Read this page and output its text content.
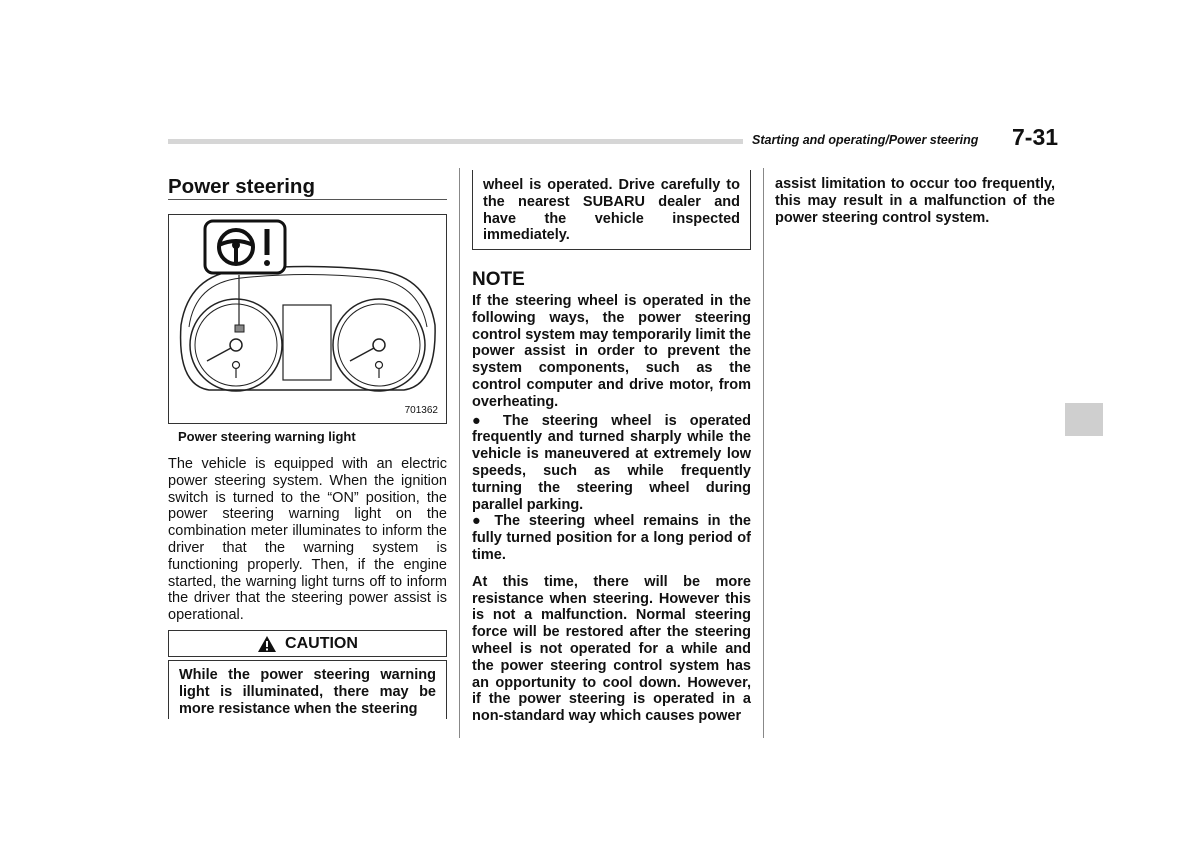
Starting and operating/Power steering 7-31
Power steering
701362
Power steering warning light

The vehicle is equipped with an electric power steering system. When the ignition switch is turned to the “ON” position, the power steering warning light on the combination meter illuminates to inform the driver that the warning system is functioning properly. Then, if the engine started, the warning light turns off to inform the driver that the steering power assist is operational.

CAUTION
While the power steering warning light is illuminated, there may be more resistance when the steering
wheel is operated. Drive carefully to the nearest SUBARU dealer and have the vehicle inspected immediately.
NOTE

If the steering wheel is operated in the following ways, the power steering control system may temporarily limit the power assist in order to prevent the system components, such as the control computer and drive motor, from overheating.

● The steering wheel is operated frequently and turned sharply while the vehicle is maneuvered at extremely low speeds, such as while frequently turning the steering wheel during parallel parking.

● The steering wheel remains in the fully turned position for a long period of time.

At this time, there will be more resistance when steering. However this is not a malfunction. Normal steering force will be restored after the steering wheel is not operated for a while and the power steering control system has an opportunity to cool down. However, if the power steering is operated in a non-standard way which causes power

assist limitation to occur too frequently, this may result in a malfunction of the power steering control system.
